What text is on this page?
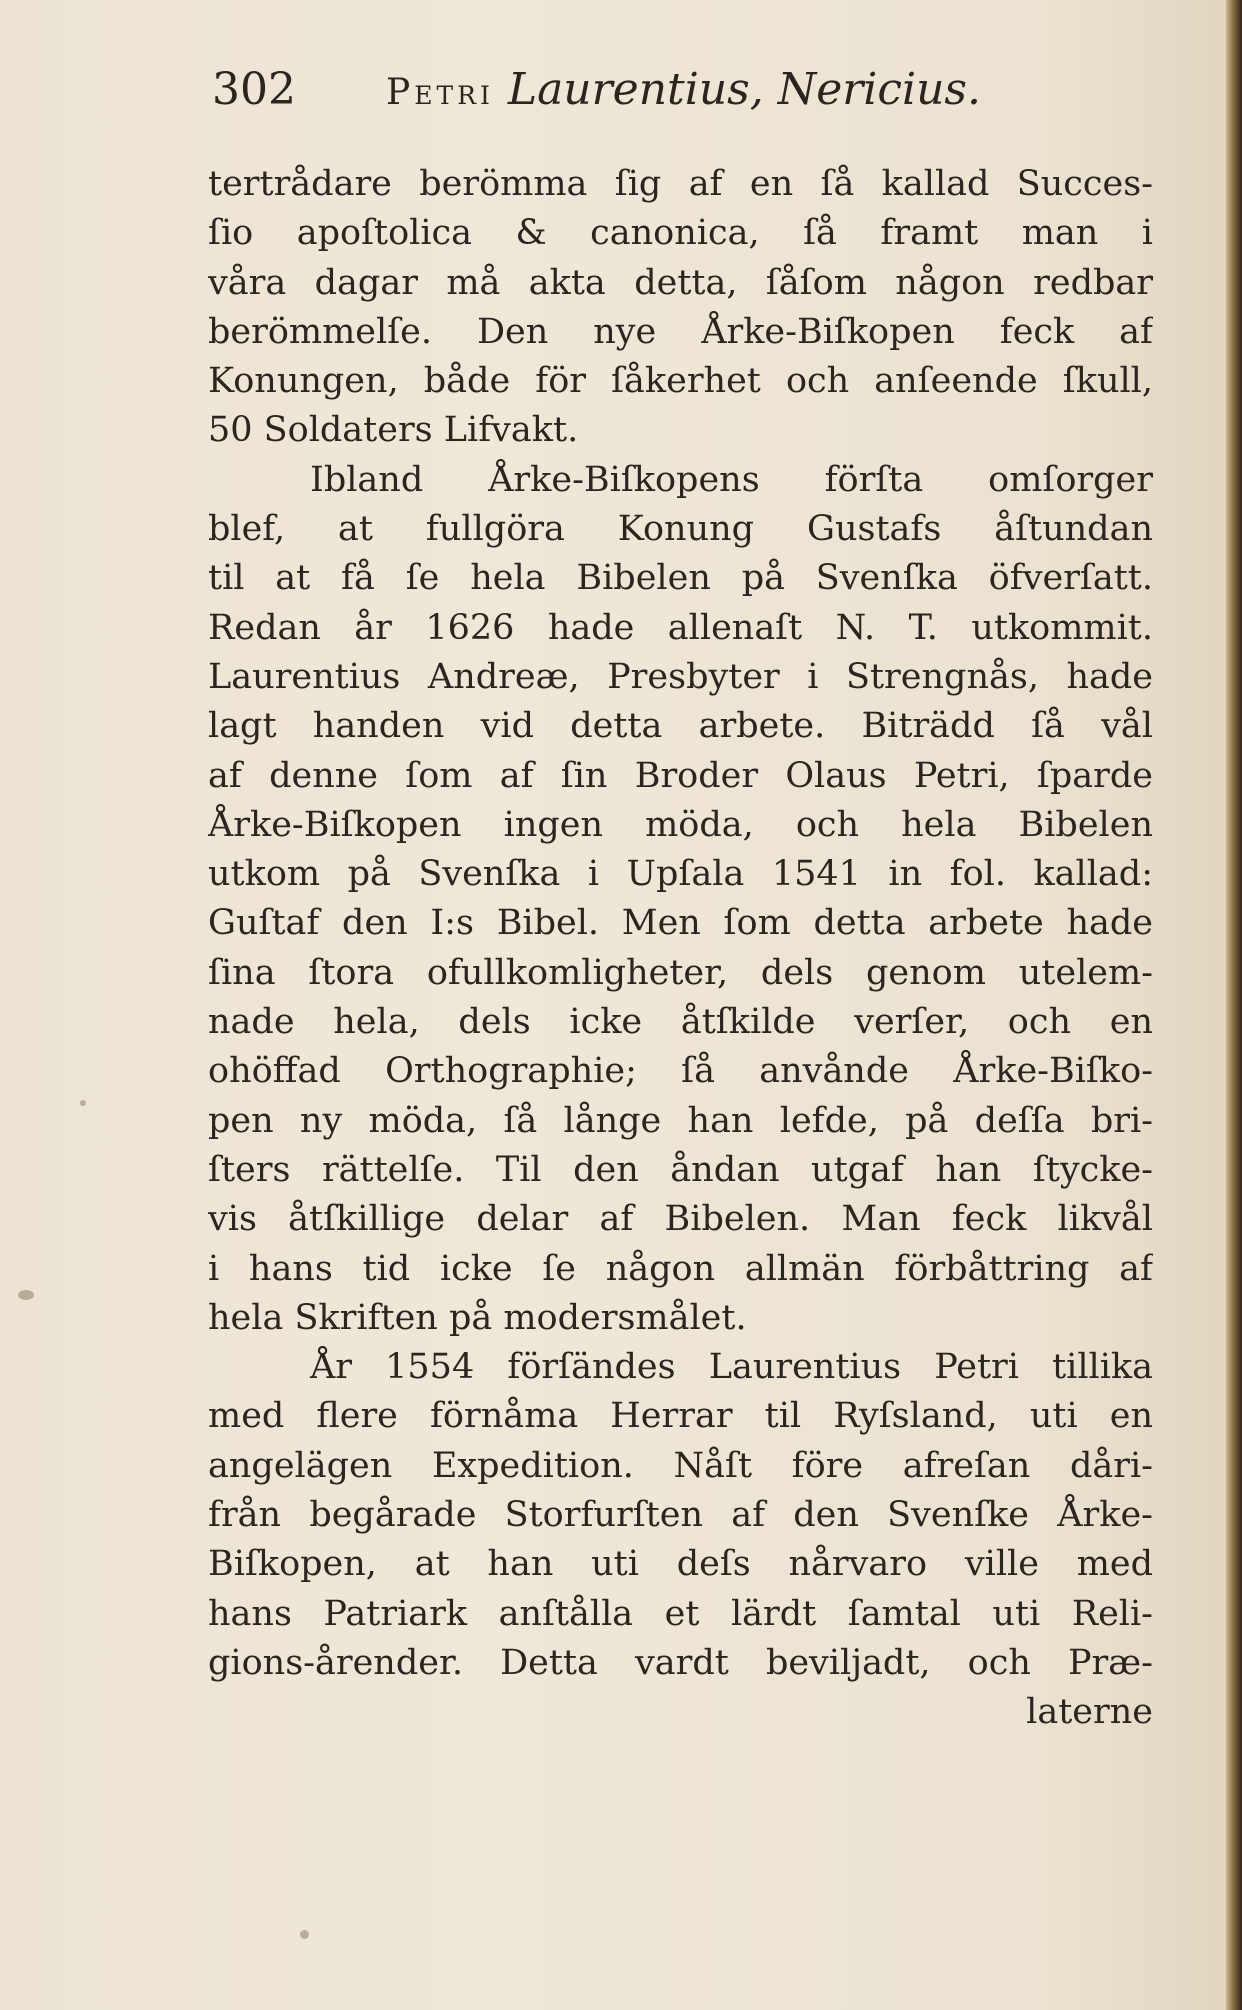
302	Petri Laurentius, Nericius.
tertrådare berömma ſig af en ſå kallad Succes-
ſio apoſtolica & canonica, ſå framt man i
våra dagar må akta detta, ſåſom någon redbar
berömmelſe. Den nye Årke-Biſkopen feck af
Konungen, både för ſåkerhet och anſeende ſkull,
50 Soldaters Lifvakt.
Ibland Årke-Biſkopens förſta omſorger
blef, at fullgöra Konung Gustafs åſtundan
til at få ſe hela Bibelen på Svenſka öfverſatt.
Redan år 1626 hade allenaſt N. T. utkommit.
Laurentius Andreæ, Presbyter i Strengnås, hade
lagt handen vid detta arbete. Biträdd ſå vål
af denne ſom af ſin Broder Olaus Petri, ſparde
Årke-Biſkopen ingen möda, och hela Bibelen
utkom på Svenſka i Upſala 1541 in fol. kallad:
Guſtaf den I:s Bibel. Men ſom detta arbete hade
ſina ſtora ofullkomligheter, dels genom utelem-
nade hela, dels icke åtſkilde verſer, och en
ohöffad Orthographie; ſå anvånde Årke-Biſko-
pen ny möda, ſå långe han lefde, på deſſa bri-
ſters rättelſe. Til den åndan utgaf han ſtycke-
vis åtſkillige delar af Bibelen. Man feck likvål
i hans tid icke ſe någon allmän förbåttring af
hela Skriften på modersmålet.
År 1554 förſändes Laurentius Petri tillika
med flere förnåma Herrar til Ryſsland, uti en
angelägen Expedition. Nåſt före afreſan dåri-
från begårade Storfurſten af den Svenſke Årke-
Biſkopen, at han uti deſs nårvaro ville med
hans Patriark anſtålla et lärdt ſamtal uti Reli-
gions-årender. Detta vardt beviljadt, och Præ-
laterne
